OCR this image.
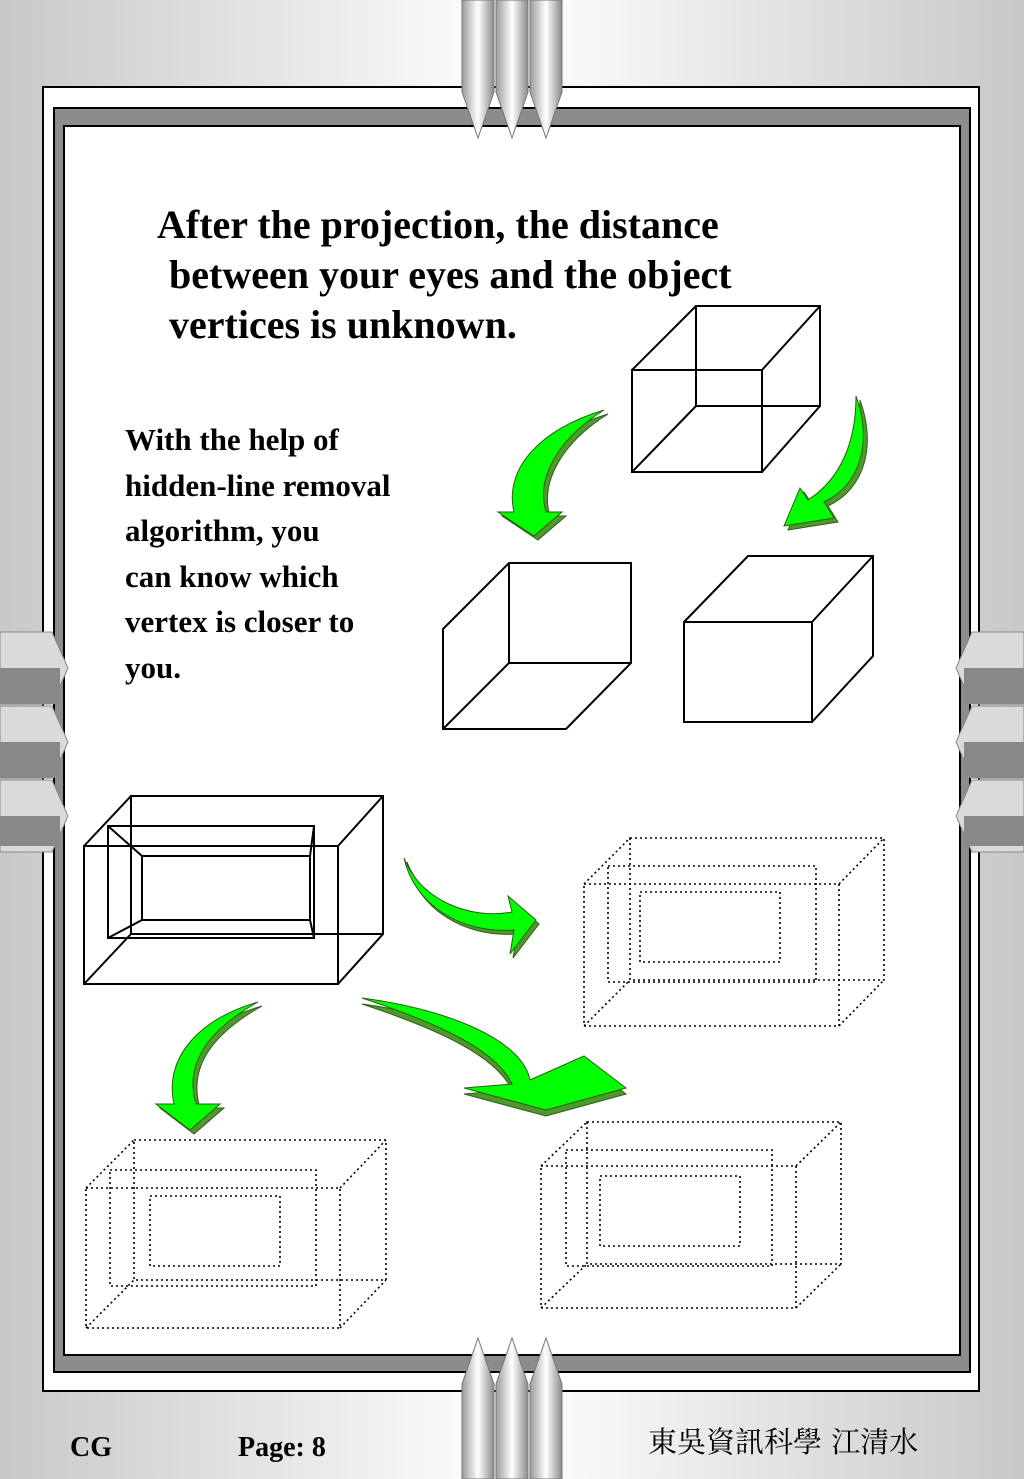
After the projection, the distance

between your eyes and the object

vertices is unknown.

With the help of

hidden-line removal

algorithm, you

can know which

vertex is closer to

you.

CG	Page: 8	東吳資訊科學 江清水
